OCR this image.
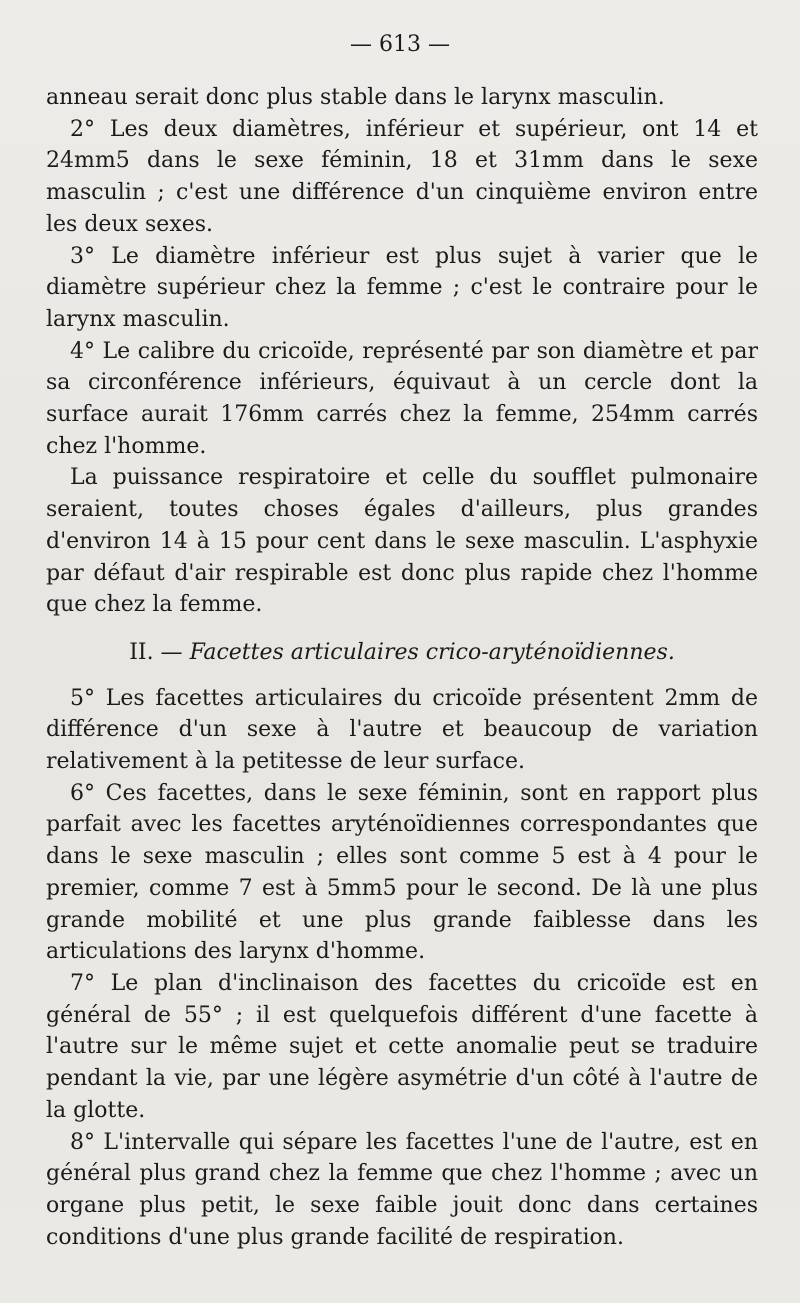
— 613 —

anneau serait donc plus stable dans le larynx masculin.

2° Les deux diamètres, inférieur et supérieur, ont 14 et 24mm5 dans le sexe féminin, 18 et 31mm dans le sexe masculin ; c'est une différence d'un cinquième environ entre les deux sexes.

3° Le diamètre inférieur est plus sujet à varier que le diamètre supérieur chez la femme ; c'est le contraire pour le larynx masculin.

4° Le calibre du cricoïde, représenté par son diamètre et par sa circonférence inférieurs, équivaut à un cercle dont la surface aurait 176mm carrés chez la femme, 254mm carrés chez l'homme.

La puissance respiratoire et celle du soufflet pulmonaire seraient, toutes choses égales d'ailleurs, plus grandes d'environ 14 à 15 pour cent dans le sexe masculin. L'asphyxie par défaut d'air respirable est donc plus rapide chez l'homme que chez la femme.

II. — Facettes articulaires crico-aryténoïdiennes.

5° Les facettes articulaires du cricoïde présentent 2mm de différence d'un sexe à l'autre et beaucoup de variation relativement à la petitesse de leur surface.

6° Ces facettes, dans le sexe féminin, sont en rapport plus parfait avec les facettes aryténoïdiennes correspondantes que dans le sexe masculin ; elles sont comme 5 est à 4 pour le premier, comme 7 est à 5mm5 pour le second. De là une plus grande mobilité et une plus grande faiblesse dans les articulations des larynx d'homme.

7° Le plan d'inclinaison des facettes du cricoïde est en général de 55° ; il est quelquefois différent d'une facette à l'autre sur le même sujet et cette anomalie peut se traduire pendant la vie, par une légère asymétrie d'un côté à l'autre de la glotte.

8° L'intervalle qui sépare les facettes l'une de l'autre, est en général plus grand chez la femme que chez l'homme ; avec un organe plus petit, le sexe faible jouit donc dans certaines conditions d'une plus grande facilité de respiration.
